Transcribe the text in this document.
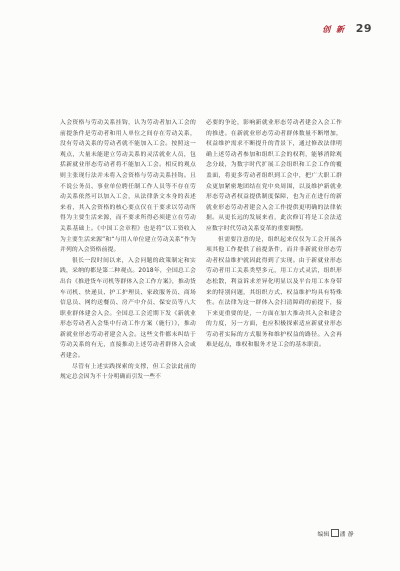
创 新 29

入会资格与劳动关系挂钩，认为劳动者加入工会的前提条件是劳动者和用人单位之间存在劳动关系，没有劳动关系的劳动者就不能加入工会。按照这一观点，大量未能建立劳动关系的灵活就业人员，包括新就业形态劳动者将不能加入工会。相反的观点则主张现行法并未将入会资格与劳动关系挂钩。且不说公务员、事业单位聘任制工作人员等不存在劳动关系依然可以加入工会，从法律条文本身的表述来看，其入会资格的核心要点仅在于要求以劳动所得为主要生活来源，而不要求所得必须建立在劳动关系基础上。《中国工会章程》也是将“以工资收入为主要生活来源”和“与用人单位建立劳动关系”作为并列的入会资格前提。

很长一段时间以来，入会问题的政策制定和实践，采纳的都是第二种观点。2018年，全国总工会出台《推进货车司机等群体入会工作方案》，推动货车司机、快递员、护工护理员、家政服务员、商场信息员、网约送餐员、房产中介员、保安员等八大职业群体建会入会。全国总工会近期下发《新就业形态劳动者入会集中行动工作方案（施行）》，推动新就业形态劳动者建会入会。这些文件都未纠结于劳动关系的有无，直接推动上述劳动者群体入会或者建会。

尽管有上述实践探索的支撑，但工会法此前的规定总会因为不十分明确而引发一些不

必要的争论，影响新就业形态劳动者建会入会工作的推进。在新就业形态劳动者群体数量不断增加，权益维护需求不断提升的背景下，通过修改法律明确上述劳动者参加和组织工会的权利，能够消除观念分歧，为数字时代扩展工会组织和工会工作的覆盖面，将更多劳动者组织到工会中，把广大职工群众更加紧密地团结在党中央周围，以及维护新就业形态劳动者权益提供制度保障，也为正在进行的新就业形态劳动者建会入会工作提供更明确的法律依据。从更长远的发展来看，此次修订将是工会法适应数字时代劳动关系变革的重要调整。

但需要注意的是，组织起来仅仅为工会开展各项其他工作提供了前提条件，而并非新就业形态劳动者权益维护就因此得到了实现。由于新就业形态劳动者用工关系类型多元，用工方式灵活，组织形态松散，利益诉求差异化明显以及平台用工本身带来的特别问题，其组织方式、权益维护均具有特殊性。在法律为这一群体入会扫清障碍的前提下，接下来更重要的是，一方面在加大推动其入会和建会的力度，另一方面，也应积极探索适应新就业形态劳动者实际的方式服务和维护权益的路径。入会再难是起点，维权和服务才是工会的基本职责。

编辑 潘 静
